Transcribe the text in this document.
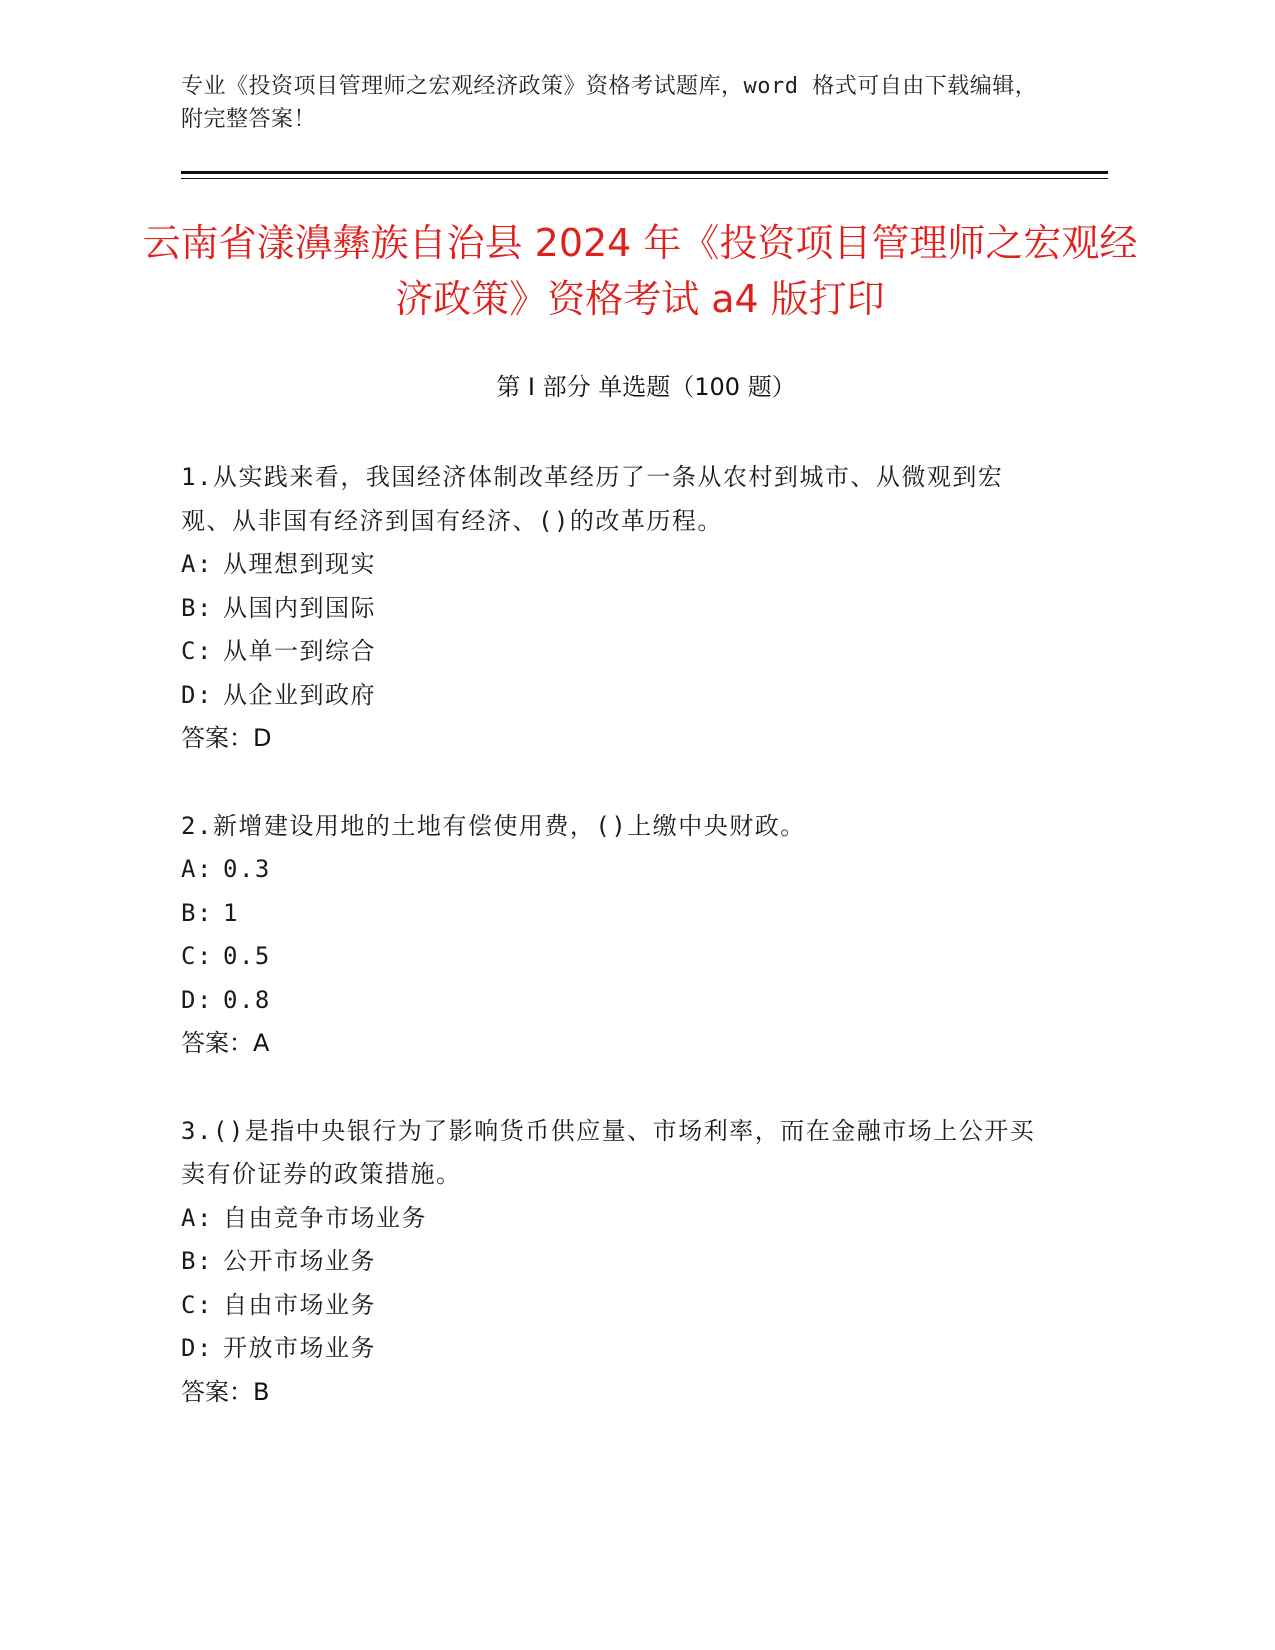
专业《投资项目管理师之宏观经济政策》资格考试题库，word 格式可自由下载编辑，附完整答案！
云南省漾濞彝族自治县 2024 年《投资项目管理师之宏观经济政策》资格考试 a4 版打印
第 I 部分 单选题（100 题）

1.从实践来看，我国经济体制改革经历了一条从农村到城市、从微观到宏观、从非国有经济到国有经济、()的改革历程。

A: 从理想到现实

B: 从国内到国际

C: 从单一到综合

D: 从企业到政府

答案：D

2.新增建设用地的土地有偿使用费，()上缴中央财政。

A: 0.3

B: 1

C: 0.5

D: 0.8

答案：A

3.()是指中央银行为了影响货币供应量、市场利率，而在金融市场上公开买卖有价证券的政策措施。

A: 自由竞争市场业务

B: 公开市场业务

C: 自由市场业务

D: 开放市场业务

答案：B
